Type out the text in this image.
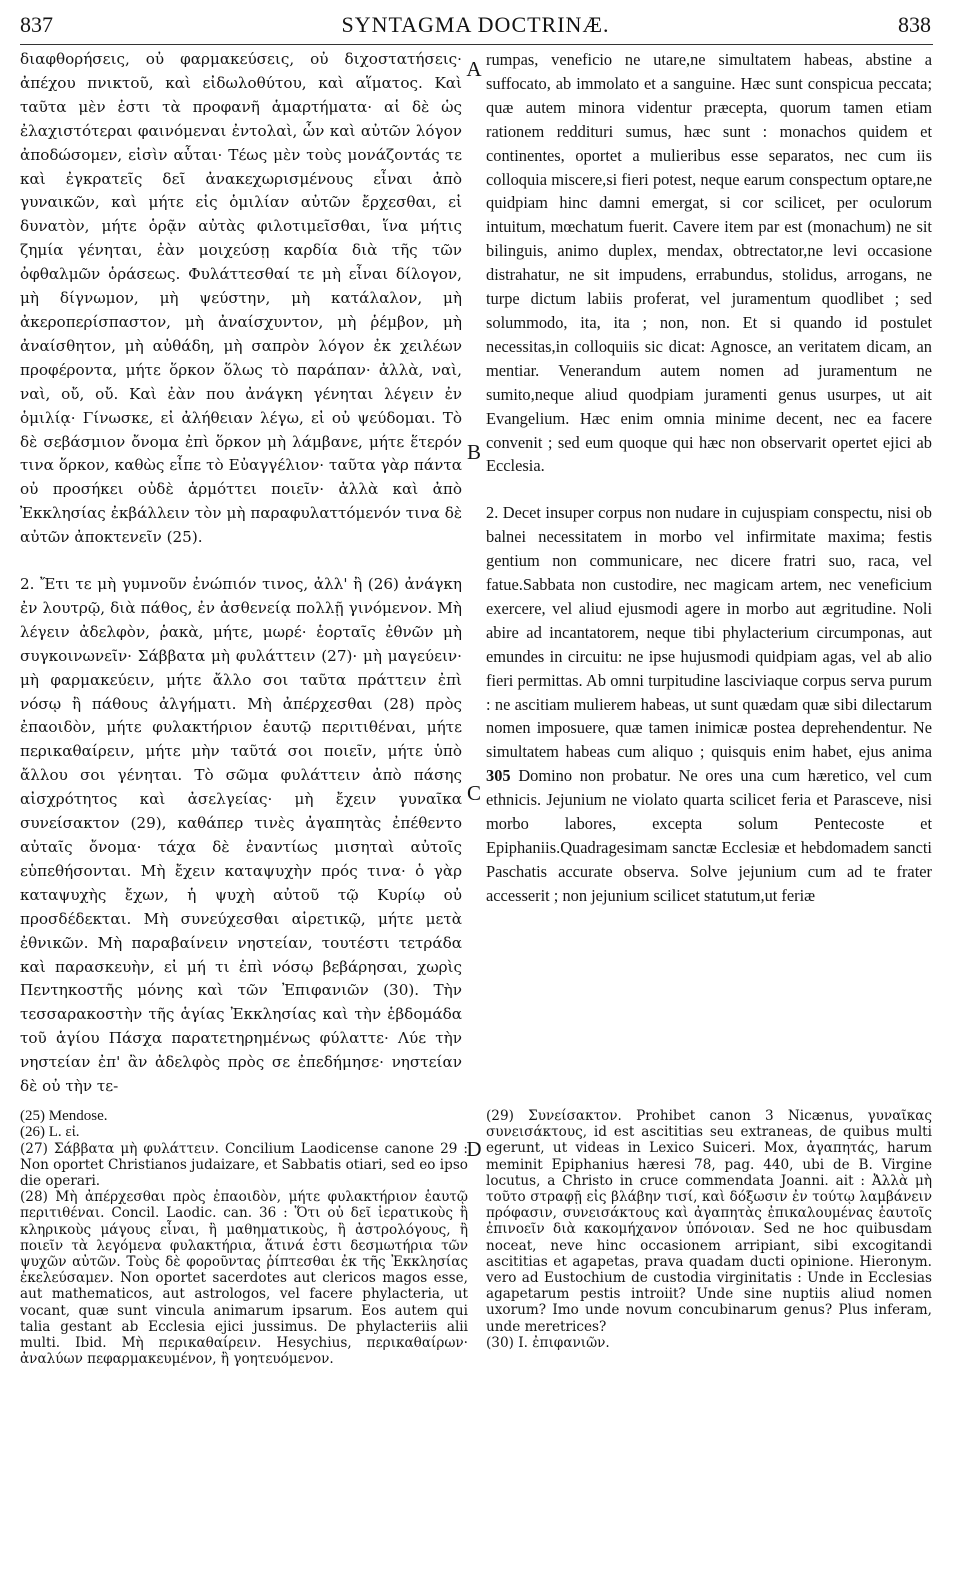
837	SYNTAGMA DOCTRINÆ.	838

διαφθορήσεις, οὐ φαρμακεύσεις, οὐ διχοστατήσεις· ἀπέχου πνικτοῦ, καὶ εἰδωλοθύτου, καὶ αἵματος. Καὶ ταῦτα μὲν ἐστι τὰ προφανῆ ἁμαρτήματα· αἱ δὲ ὡς ἐλαχιστότεραι φαινόμεναι ἐντολαὶ, ὧν καὶ αὐτῶν λόγον ἀποδώσομεν, εἰσὶν αὗται· Τέως μὲν τοὺς μονάζοντάς τε καὶ ἐγκρατεῖς δεῖ ἀνακεχωρισμένους εἶναι ἀπὸ γυναικῶν, καὶ μήτε εἰς ὁμιλίαν αὐτῶν ἔρχεσθαι, εἰ δυνατὸν, μήτε ὁρᾷν αὐτὰς φιλοτιμεῖσθαι, ἵνα μήτις ζημία γένηται, ἐὰν μοιχεύσῃ καρδία διὰ τῆς τῶν ὀφθαλμῶν ὁράσεως. Φυλάττεσθαί τε μὴ εἶναι δίλογον, μὴ δίγνωμον, μὴ ψεύστην, μὴ κατάλαλον, μὴ ἀκεροπερίσπαστον, μὴ ἀναίσχυντον, μὴ ῥέμβον, μὴ ἀναίσθητον, μὴ αὐθάδη, μὴ σαπρὸν λόγον ἐκ χειλέων προφέροντα, μήτε ὅρκον ὅλως τὸ παράπαν· ἀλλὰ, ναὶ, ναὶ, οὔ, οὔ. Καὶ ἐὰν που ἀνάγκη γένηται λέγειν ἐν ὁμιλίᾳ· Γίνωσκε, εἰ ἀλήθειαν λέγω, εἰ οὐ ψεύδομαι. Τὸ δὲ σεβάσμιον ὄνομα ἐπὶ ὅρκον μὴ λάμβανε, μήτε ἕτερόν τινα ὅρκον, καθὼς εἶπε τὸ Εὐαγγέλιον· ταῦτα γὰρ πάντα οὐ προσήκει οὐδὲ ἁρμόττει ποιεῖν· ἀλλὰ καὶ ἀπὸ Ἐκκλησίας ἐκβάλλειν τὸν μὴ παραφυλαττόμενόν τινα δὲ αὐτῶν ἀποκτενεῖν (25).

2. Ἔτι τε μὴ γυμνοῦν ἐνώπιόν τινος, ἀλλ' ἢ (26) ἀνάγκη ἐν λουτρῷ, διὰ πάθος, ἐν ἀσθενείᾳ πολλῇ γινόμενον. Μὴ λέγειν ἀδελφὸν, ῥακὰ, μήτε, μωρέ· ἑορταῖς ἐθνῶν μὴ συγκοινωνεῖν· Σάββατα μὴ φυλάττειν (27)· μὴ μαγεύειν· μὴ φαρμακεύειν, μήτε ἄλλο σοι ταῦτα πράττειν ἐπὶ νόσῳ ἢ πάθους ἀλγήματι. Μὴ ἀπέρχεσθαι (28) πρὸς ἐπαοιδὸν, μήτε φυλακτήριον ἑαυτῷ περιτιθέναι, μήτε περικαθαίρειν, μήτε μὴν ταῦτά σοι ποιεῖν, μήτε ὑπὸ ἄλλου σοι γένηται. Τὸ σῶμα φυλάττειν ἀπὸ πάσης αἰσχρότητος καὶ ἀσελγείας· μὴ ἔχειν γυναῖκα συνείσακτον (29), καθάπερ τινὲς ἀγαπητὰς ἐπέθεντο αὐταῖς ὄνομα· τάχα δὲ ἐναντίως μισηταὶ αὐτοῖς εὑπεθήσονται. Μὴ ἔχειν καταψυχὴν πρός τινα· ὁ γὰρ καταψυχὴς ἔχων, ἡ ψυχὴ αὐτοῦ τῷ Κυρίῳ οὐ προσδέδεκται. Μὴ συνεύχεσθαι αἱρετικῷ, μήτε μετὰ ἐθνικῶν. Μὴ παραβαίνειν νηστείαν, τουτέστι τετράδα καὶ παρασκευὴν, εἰ μή τι ἐπὶ νόσῳ βεβάρησαι, χωρὶς Πεντηκοστῆς μόνης καὶ τῶν Ἐπιφανιῶν (30). Τὴν τεσσαρακοστὴν τῆς ἁγίας Ἐκκλησίας καὶ τὴν ἑβδομάδα τοῦ ἁγίου Πάσχα παρατετηρημένως φύλαττε· Λύε τὴν νηστείαν ἐπ' ἂν ἀδελφὸς πρὸς σε ἐπεδήμησε· νηστείαν δὲ οὐ τὴν τε-

A
B
C
D

rumpas, veneficio ne utare,ne simultatem habeas, abstine a suffocato, ab immolato et a sanguine. Hæc sunt conspicua peccata; quæ autem minora videntur præcepta, quorum tamen etiam rationem reddituri sumus, hæc sunt : monachos quidem et continentes, oportet a mulieribus esse separatos, nec cum iis colloquia miscere,si fieri potest, neque earum conspectum optare,ne quidpiam hinc damni emergat, si cor scilicet, per oculorum intuitum, mœchatum fuerit. Cavere item par est (monachum) ne sit bilinguis, animo duplex, mendax, obtrectator,ne levi occasione distrahatur, ne sit impudens, errabundus, stolidus, arrogans, ne turpe dictum labiis proferat, vel juramentum quodlibet ; sed solummodo, ita, ita ; non, non. Et si quando id postulet necessitas,in colloquiis sic dicat: Agnosce, an veritatem dicam, an mentiar. Venerandum autem nomen ad juramentum ne sumito,neque aliud quodpiam juramenti genus usurpes, ut ait Evangelium. Hæc enim omnia minime decent, nec ea facere convenit ; sed eum quoque qui hæc non observarit opertet ejici ab Ecclesia.

2. Decet insuper corpus non nudare in cujuspiam conspectu, nisi ob balnei necessitatem in morbo vel infirmitate maxima; festis gentium non communicare, nec dicere fratri suo, raca, vel fatue.Sabbata non custodire, nec magicam artem, nec veneficium exercere, vel aliud ejusmodi agere in morbo aut ægritudine. Noli abire ad incantatorem, neque tibi phylacterium circumponas, aut emundes in circuitu: ne ipse hujusmodi quidpiam agas, vel ab alio fieri permittas. Ab omni turpitudine lasciviaque corpus serva purum : ne ascitiam mulierem habeas, ut sunt quædam quæ sibi dilectarum nomen imposuere, quæ tamen inimicæ postea deprehendentur. Ne simultatem habeas cum aliquo ; quisquis enim habet, ejus anima 305 Domino non probatur. Ne ores una cum hæretico, vel cum ethnicis. Jejunium ne violato quarta scilicet feria et Parasceve, nisi morbo labores, excepta solum Pentecoste et Epiphaniis.Quadragesimam sanctæ Ecclesiæ et hebdomadem sancti Paschatis accurate observa. Solve jejunium cum ad te frater accesserit ; non jejunium scilicet statutum,ut feriæ

(25) Mendose.

(26) L. εἰ.

(27) Σάββατα μὴ φυλάττειν. Concilium Laodicense canone 29 : Non oportet Christianos judaizare, et Sabbatis otiari, sed eo ipso die operari.

(28) Μὴ ἀπέρχεσθαι πρὸς ἐπαοιδὸν, μήτε φυλακτήριον ἑαυτῷ περιτιθέναι. Concil. Laodic. can. 36 : Ὅτι οὐ δεῖ ἱερατικοὺς ἢ κληρικοὺς μάγους εἶναι, ἢ μαθηματικοὺς, ἢ ἀστρολόγους, ἢ ποιεῖν τὰ λεγόμενα φυλακτήρια, ἅτινά ἐστι δεσμωτήρια τῶν ψυχῶν αὐτῶν. Τοὺς δὲ φοροῦντας ῥίπτεσθαι ἐκ τῆς Ἐκκλησίας ἐκελεύσαμεν. Non oportet sacerdotes aut clericos magos esse, aut mathematicos, aut astrologos, vel facere phylacteria, ut vocant, quæ sunt vincula animarum ipsarum. Eos autem qui talia gestant ab Ecclesia ejici jussimus. De phylacteriis alii multi. Ibid. Μὴ περικαθαίρειν. Hesychius, περικαθαίρων· ἀναλύων πεφαρμακευμένον, ἢ γοητευόμενον.

(29) Συνείσακτον. Prohibet canon 3 Nicænus, γυναῖκας συνεισάκτους, id est ascititias seu extraneas, de quibus multi egerunt, ut videas in Lexico Suiceri. Mox, ἀγαπητάς, harum meminit Epiphanius hæresi 78, pag. 440, ubi de B. Virgine locutus, a Christo in cruce commendata Joanni. ait : Ἀλλὰ μὴ τοῦτο στραφῇ εἰς βλάβην τισί, καὶ δόξωσιν ἐν τούτῳ λαμβάνειν πρόφασιν, συνεισάκτους καὶ ἀγαπητὰς ἐπικαλουμένας ἑαυτοῖς ἐπινοεῖν διὰ κακομήχανον ὑπόνοιαν. Sed ne hoc quibusdam noceat, neve hinc occasionem arripiant, sibi excogitandi ascititias et agapetas, prava quadam ducti opinione. Hieronym. vero ad Eustochium de custodia virginitatis : Unde in Ecclesias agapetarum pestis introiit? Unde sine nuptiis aliud nomen uxorum? Imo unde novum concubinarum genus? Plus inferam, unde meretrices?

(30) I. ἐπιφανιῶν.
